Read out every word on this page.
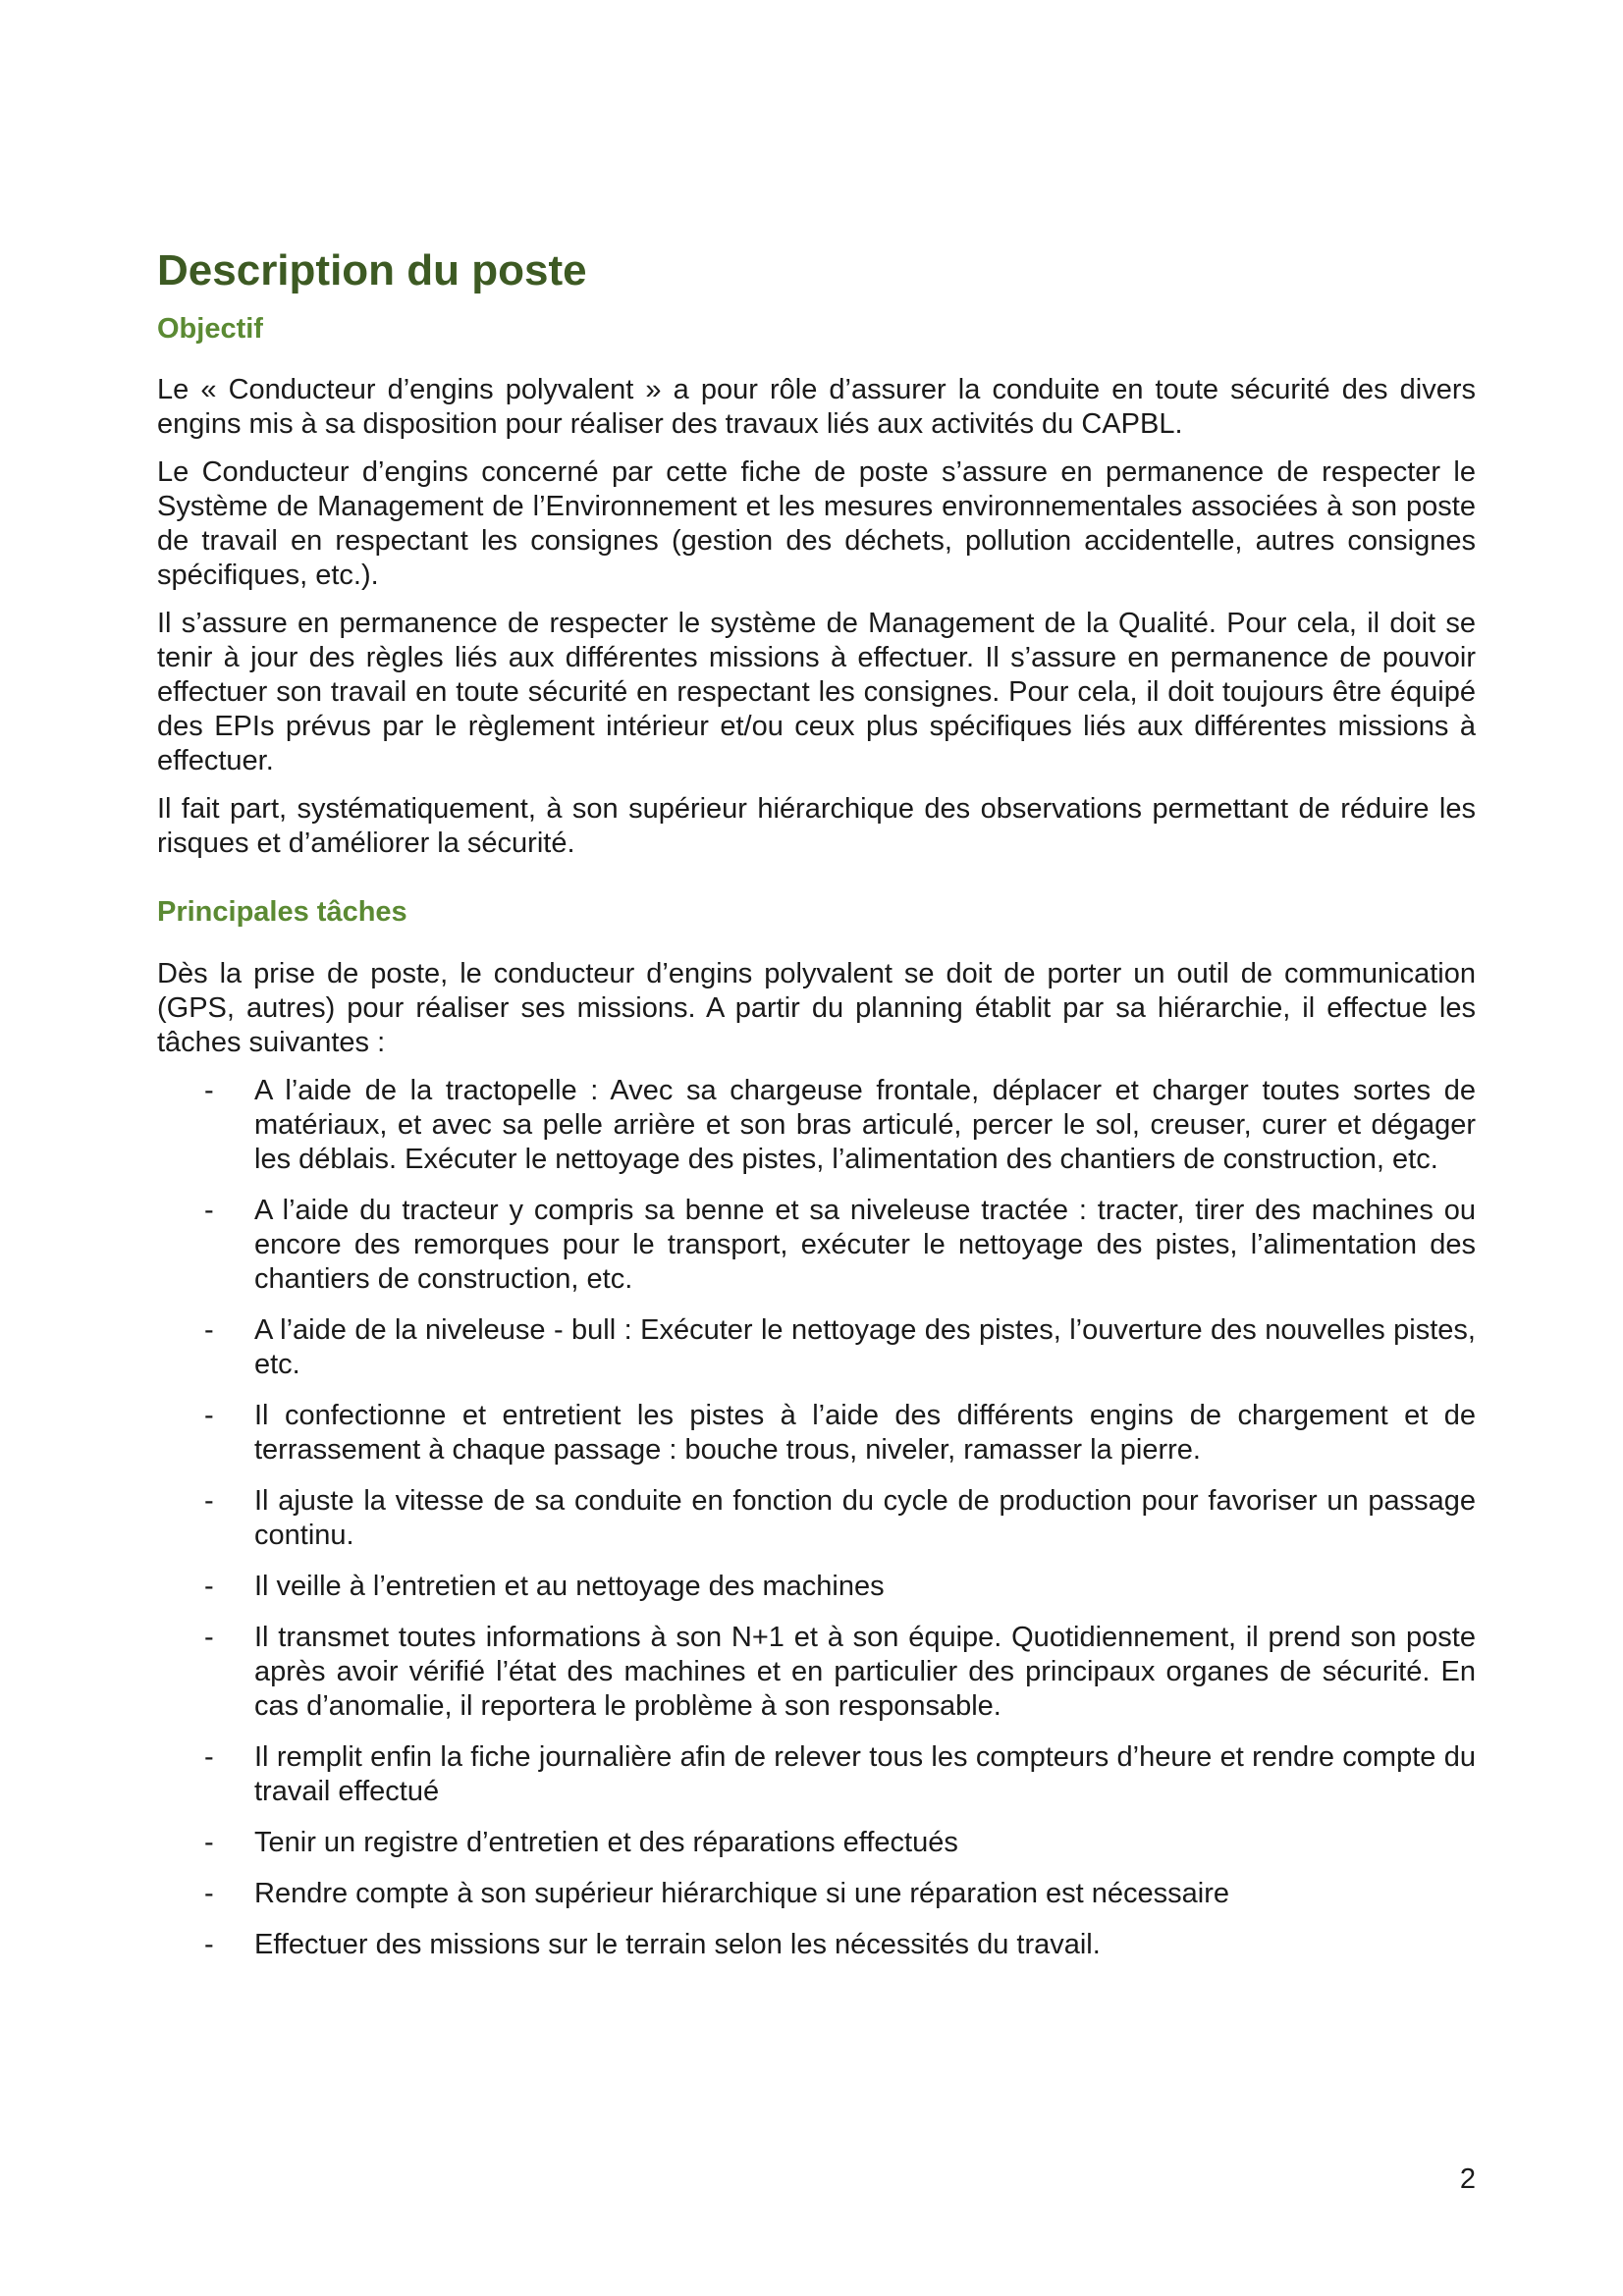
Description du poste
Objectif

Le « Conducteur d’engins polyvalent » a pour rôle d’assurer la conduite en toute sécurité des divers engins mis à sa disposition pour réaliser des travaux liés aux activités du CAPBL.

Le Conducteur d’engins concerné par cette fiche de poste s’assure en permanence de respecter le Système de Management de l’Environnement et les mesures environnementales associées à son poste de travail en respectant les consignes (gestion des déchets, pollution accidentelle, autres consignes spécifiques, etc.).

Il s’assure en permanence de respecter le système de Management de la Qualité. Pour cela, il doit se tenir à jour des règles liés aux différentes missions à effectuer. Il s’assure en permanence de pouvoir effectuer son travail en toute sécurité en respectant les consignes. Pour cela, il doit toujours être équipé des EPIs prévus par le règlement intérieur et/ou ceux plus spécifiques liés aux différentes missions à effectuer.

Il fait part, systématiquement, à son supérieur hiérarchique des observations permettant de réduire les risques et d’améliorer la sécurité.

Principales tâches

Dès la prise de poste, le conducteur d’engins polyvalent se doit de porter un outil de communication (GPS, autres) pour réaliser ses missions. A partir du planning établit par sa hiérarchie, il effectue les tâches suivantes :

- A l’aide de la tractopelle : Avec sa chargeuse frontale, déplacer et charger toutes sortes de matériaux, et avec sa pelle arrière et son bras articulé, percer le sol, creuser, curer et dégager les déblais. Exécuter le nettoyage des pistes, l’alimentation des chantiers de construction, etc.
- A l’aide du tracteur y compris sa benne et sa niveleuse tractée : tracter, tirer des machines ou encore des remorques pour le transport, exécuter le nettoyage des pistes, l’alimentation des chantiers de construction, etc.
- A l’aide de la niveleuse - bull : Exécuter le nettoyage des pistes, l’ouverture des nouvelles pistes, etc.
- Il confectionne et entretient les pistes à l’aide des différents engins de chargement et de terrassement à chaque passage : bouche trous, niveler, ramasser la pierre.
- Il ajuste la vitesse de sa conduite en fonction du cycle de production pour favoriser un passage continu.
- Il veille à l’entretien et au nettoyage des machines
- Il transmet toutes informations à son N+1 et à son équipe. Quotidiennement, il prend son poste après avoir vérifié l’état des machines et en particulier des principaux organes de sécurité. En cas d’anomalie, il reportera le problème à son responsable.
- Il remplit enfin la fiche journalière afin de relever tous les compteurs d’heure et rendre compte du travail effectué
- Tenir un registre d’entretien et des réparations effectués
- Rendre compte à son supérieur hiérarchique si une réparation est nécessaire
- Effectuer des missions sur le terrain selon les nécessités du travail.
2
